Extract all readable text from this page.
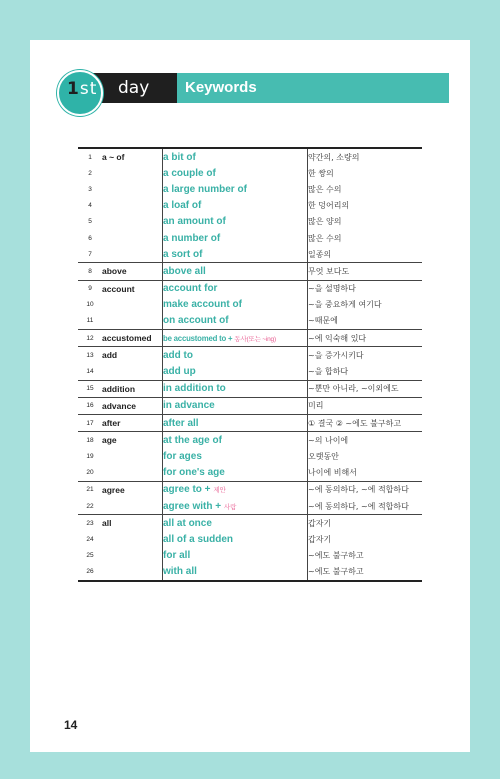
1st day	Keywords
1	a ~ of	a bit of	약간의, 소량의
2		a couple of	한 쌍의
3		a large number of	많은 수의
4		a loaf of	한 덩어리의
5		an amount of	많은 양의
6		a number of	많은 수의
7		a sort of	일종의
8	above	above all	무엇 보다도
9	account	account for	~을 설명하다
10		make account of	~을 중요하게 여기다
11		on account of	~때문에
12	accustomed	be accustomed to + 동사(또는 ~ing)	~에 익숙해 있다
13	add	add to	~을 증가시키다
14		add up	~을 합하다
15	addition	in addition to	~뿐만 아니라, ~이외에도
16	advance	in advance	미리
17	after	after all	① 결국 ② ~에도 불구하고
18	age	at the age of	~의 나이에
19		for ages	오랫동안
20		for one's age	나이에 비해서
21	agree	agree to + 제안	~에 동의하다, ~에 적합하다
22		agree with + 사람	~에 동의하다, ~에 적합하다
23	all	all at once	갑자기
24		all of a sudden	갑자기
25		for all	~에도 불구하고
26		with all	~에도 불구하고
14
